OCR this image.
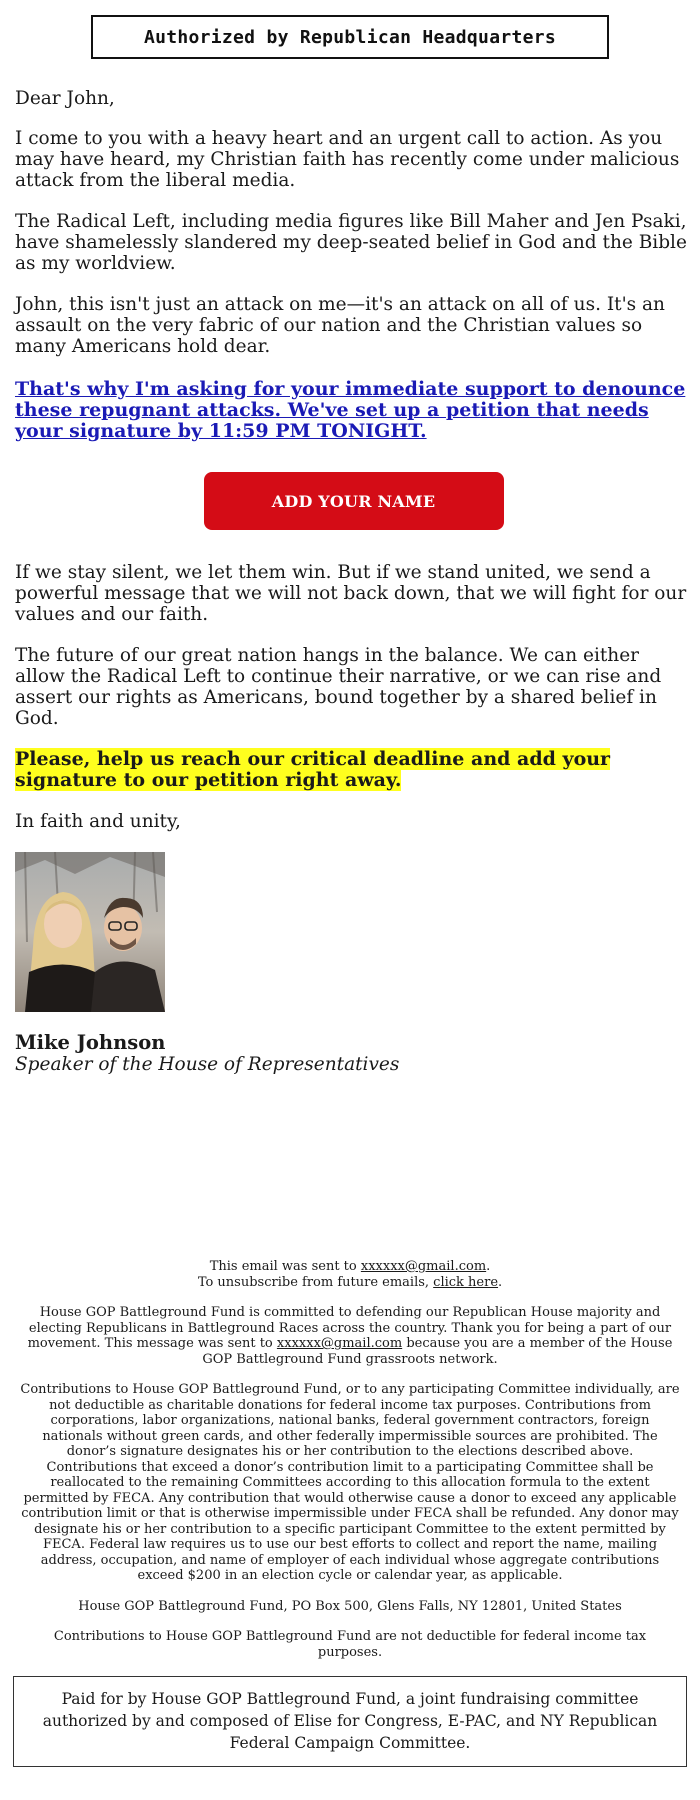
Authorized by Republican Headquarters

Dear John,

I come to you with a heavy heart and an urgent call to action. As you may have heard, my Christian faith has recently come under malicious attack from the liberal media.

The Radical Left, including media figures like Bill Maher and Jen Psaki, have shamelessly slandered my deep-seated belief in God and the Bible as my worldview.

John, this isn't just an attack on me—it's an attack on all of us. It's an assault on the very fabric of our nation and the Christian values so many Americans hold dear.

That's why I'm asking for your immediate support to denounce these repugnant attacks. We've set up a petition that needs your signature by 11:59 PM TONIGHT.

ADD YOUR NAME

If we stay silent, we let them win. But if we stand united, we send a powerful message that we will not back down, that we will fight for our values and our faith.

The future of our great nation hangs in the balance. We can either allow the Radical Left to continue their narrative, or we can rise and assert our rights as Americans, bound together by a shared belief in God.

Please, help us reach our critical deadline and add your signature to our petition right away.

In faith and unity,

Mike Johnson

Speaker of the House of Representatives

This email was sent to xxxxxx@gmail.com.

To unsubscribe from future emails, click here.

House GOP Battleground Fund is committed to defending our Republican House majority and electing Republicans in Battleground Races across the country. Thank you for being a part of our movement. This message was sent to xxxxxx@gmail.com because you are a member of the House GOP Battleground Fund grassroots network.

Contributions to House GOP Battleground Fund, or to any participating Committee individually, are not deductible as charitable donations for federal income tax purposes. Contributions from corporations, labor organizations, national banks, federal government contractors, foreign nationals without green cards, and other federally impermissible sources are prohibited. The donor’s signature designates his or her contribution to the elections described above. Contributions that exceed a donor’s contribution limit to a participating Committee shall be reallocated to the remaining Committees according to this allocation formula to the extent permitted by FECA. Any contribution that would otherwise cause a donor to exceed any applicable contribution limit or that is otherwise impermissible under FECA shall be refunded. Any donor may designate his or her contribution to a specific participant Committee to the extent permitted by FECA. Federal law requires us to use our best efforts to collect and report the name, mailing address, occupation, and name of employer of each individual whose aggregate contributions exceed $200 in an election cycle or calendar year, as applicable.

House GOP Battleground Fund, PO Box 500, Glens Falls, NY 12801, United States

Contributions to House GOP Battleground Fund are not deductible for federal income tax purposes.

Paid for by House GOP Battleground Fund, a joint fundraising committee authorized by and composed of Elise for Congress, E-PAC, and NY Republican Federal Campaign Committee.
